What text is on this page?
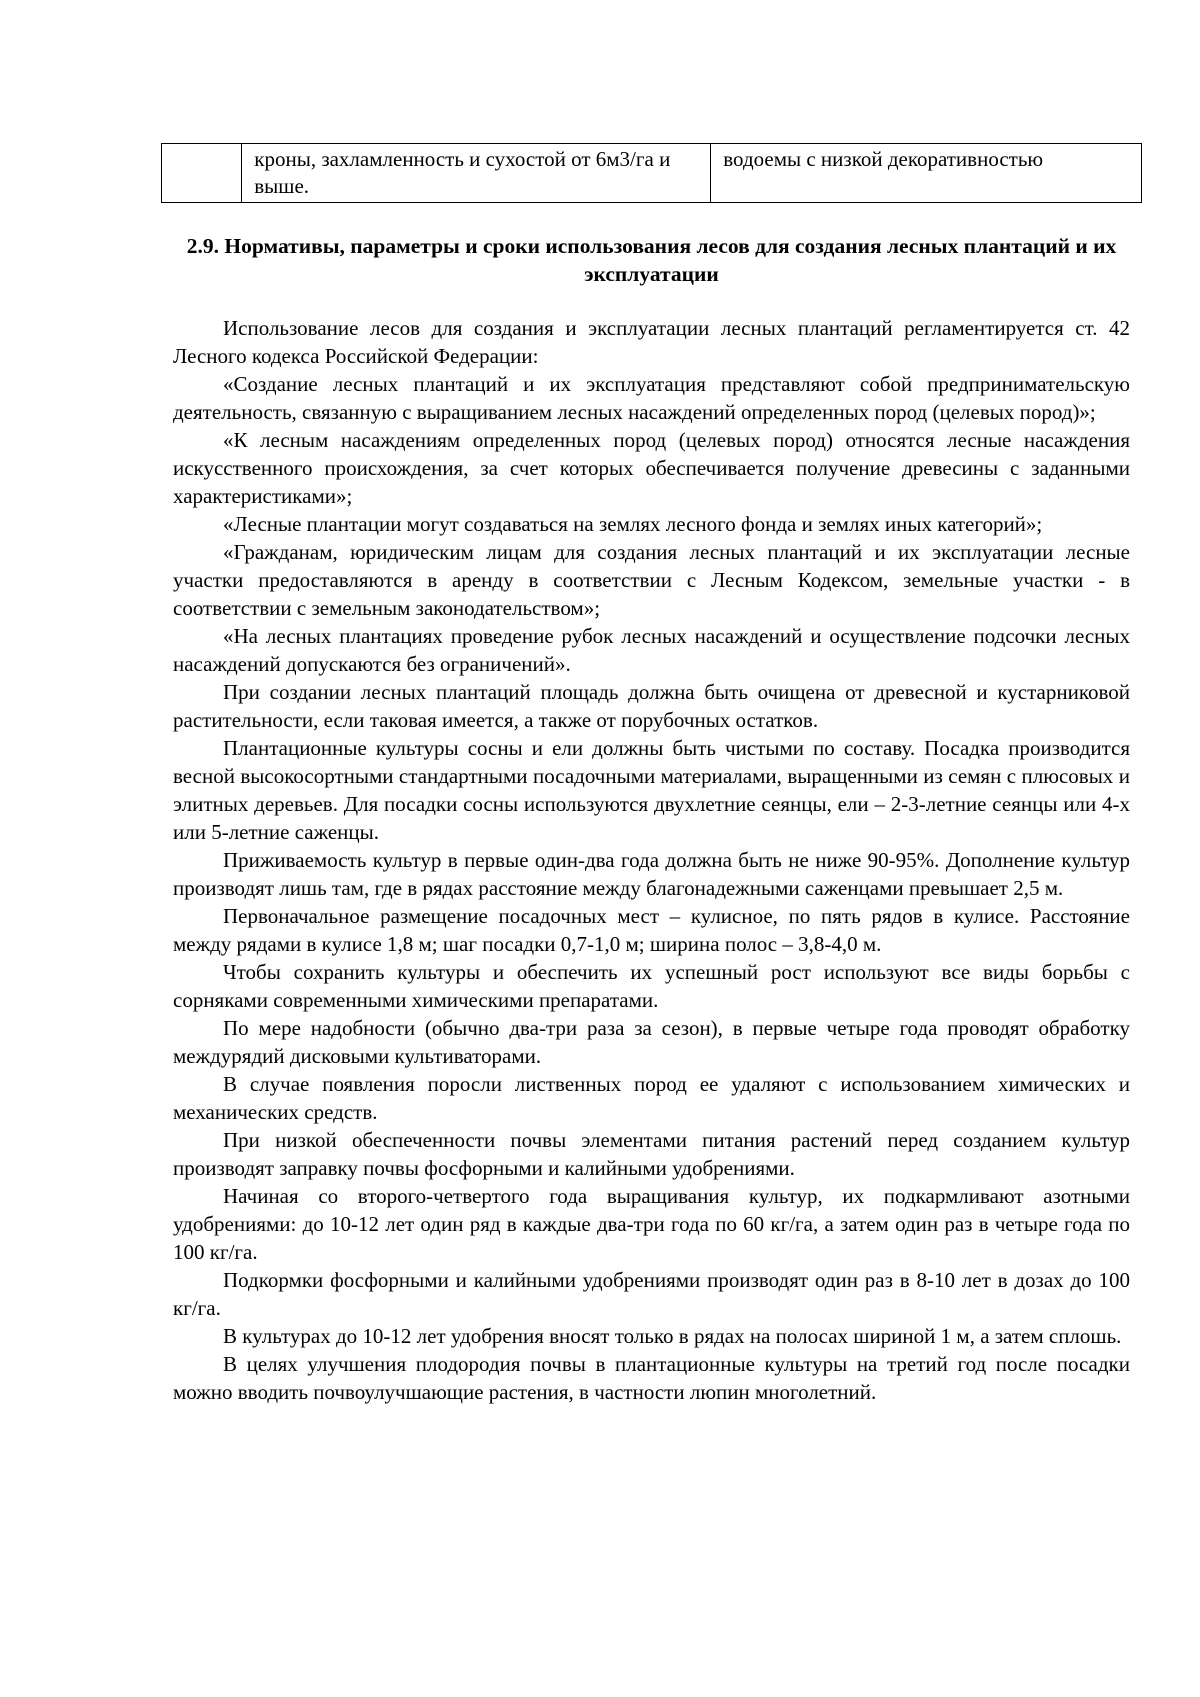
	кроны, захламленность и сухостой от 6м3/га и выше.	водоемы с низкой декоративностью
2.9. Нормативы, параметры и сроки использования лесов для создания лесных плантаций и их эксплуатации

Использование лесов для создания и эксплуатации лесных плантаций регламентируется ст. 42 Лесного кодекса Российской Федерации:

«Создание лесных плантаций и их эксплуатация представляют собой предпринимательскую деятельность, связанную с выращиванием лесных насаждений определенных пород (целевых пород)»;

«К лесным насаждениям определенных пород (целевых пород) относятся лесные насаждения искусственного происхождения, за счет которых обеспечивается получение древесины с заданными характеристиками»;

«Лесные плантации могут создаваться на землях лесного фонда и землях иных категорий»;

«Гражданам, юридическим лицам для создания лесных плантаций и их эксплуатации лесные участки предоставляются в аренду в соответствии с Лесным Кодексом, земельные участки - в соответствии с земельным законодательством»;

«На лесных плантациях проведение рубок лесных насаждений и осуществление подсочки лесных насаждений допускаются без ограничений».

При создании лесных плантаций площадь должна быть очищена от древесной и кустарниковой растительности, если таковая имеется, а также от порубочных остатков.

Плантационные культуры сосны и ели должны быть чистыми по составу. Посадка производится весной высокосортными стандартными посадочными материалами, выращенными из семян с плюсовых и элитных деревьев. Для посадки сосны используются двухлетние сеянцы, ели – 2-3-летние сеянцы или 4-х или 5-летние саженцы.

Приживаемость культур в первые один-два года должна быть не ниже 90-95%. Дополнение культур производят лишь там, где в рядах расстояние между благонадежными саженцами превышает 2,5 м.

Первоначальное размещение посадочных мест – кулисное, по пять рядов в кулисе. Расстояние между рядами в кулисе 1,8 м; шаг посадки 0,7-1,0 м; ширина полос – 3,8-4,0 м.

Чтобы сохранить культуры и обеспечить их успешный рост используют все виды борьбы с сорняками современными химическими препаратами.

По мере надобности (обычно два-три раза за сезон), в первые четыре года проводят обработку междурядий дисковыми культиваторами.

В случае появления поросли лиственных пород ее удаляют с использованием химических и механических средств.

При низкой обеспеченности почвы элементами питания растений перед созданием культур производят заправку почвы фосфорными и калийными удобрениями.

Начиная со второго-четвертого года выращивания культур, их подкармливают азотными удобрениями: до 10-12 лет один ряд в каждые два-три года по 60 кг/га, а затем один раз в четыре года по 100 кг/га.

Подкормки фосфорными и калийными удобрениями производят один раз в 8-10 лет в дозах до 100 кг/га.

В культурах до 10-12 лет удобрения вносят только в рядах на полосах шириной 1 м, а затем сплошь.

В целях улучшения плодородия почвы в плантационные культуры на третий год после посадки можно вводить почвоулучшающие растения, в частности люпин многолетний.
